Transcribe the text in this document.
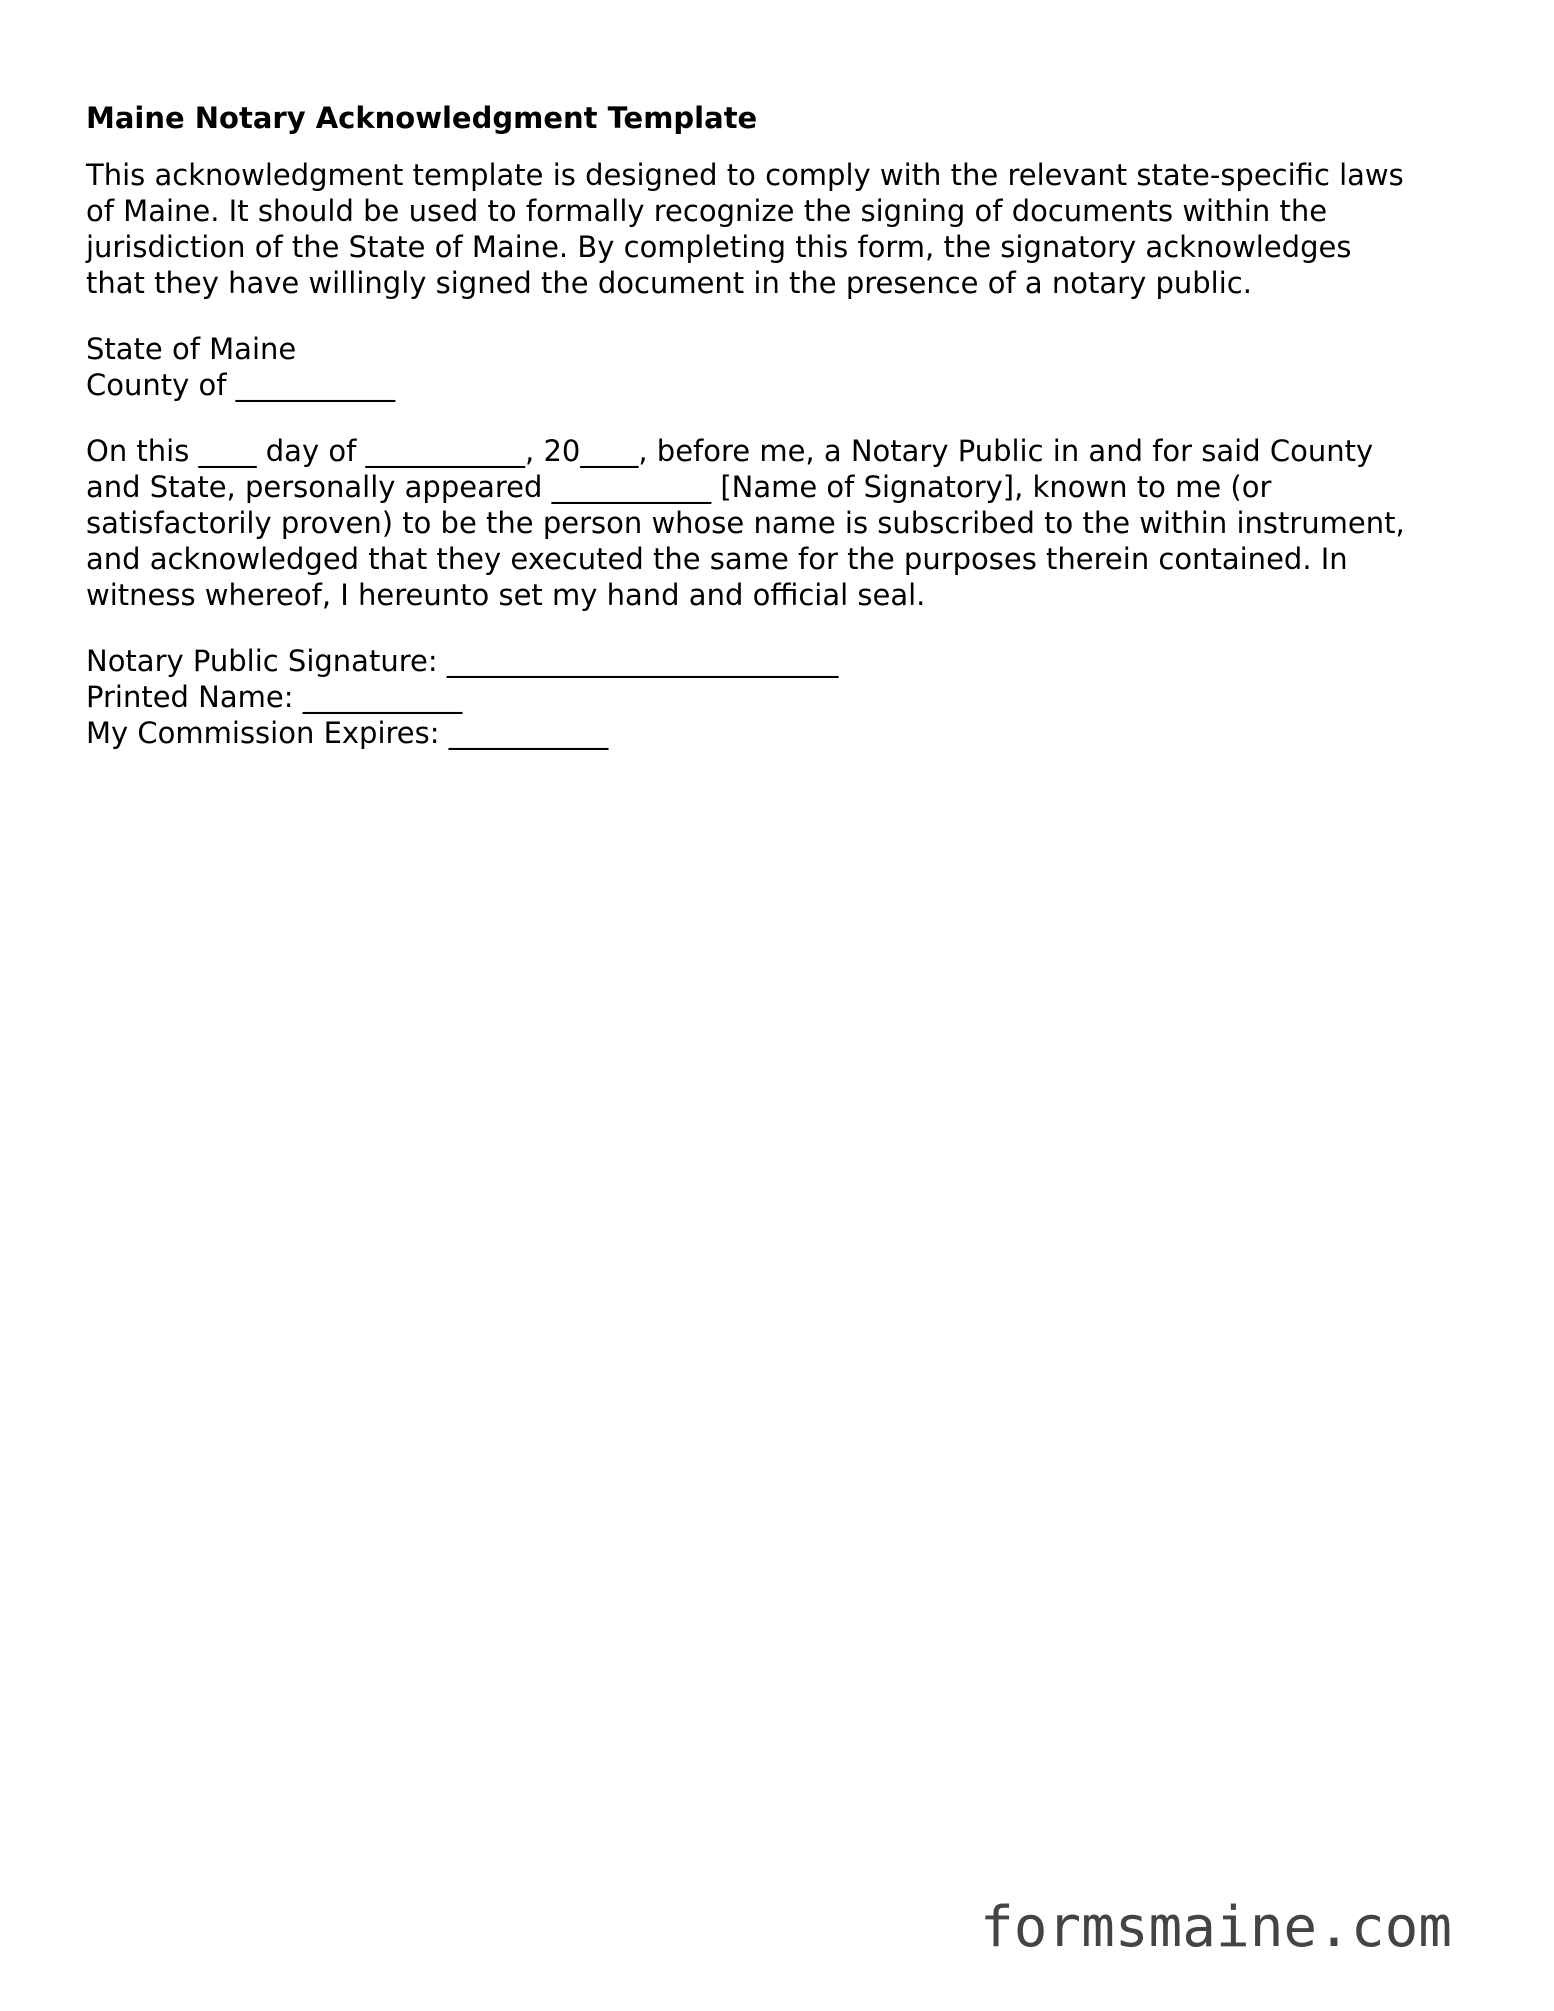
Maine Notary Acknowledgment Template
This acknowledgment template is designed to comply with the relevant state-specific laws
of Maine. It should be used to formally recognize the signing of documents within the
jurisdiction of the State of Maine. By completing this form, the signatory acknowledges
that they have willingly signed the document in the presence of a notary public.
State of Maine
County of ___________
On this ____ day of ___________, 20____, before me, a Notary Public in and for said County
and State, personally appeared ___________ [Name of Signatory], known to me (or
satisfactorily proven) to be the person whose name is subscribed to the within instrument,
and acknowledged that they executed the same for the purposes therein contained. In
witness whereof, I hereunto set my hand and official seal.
Notary Public Signature: ___________________________
Printed Name: ___________
My Commission Expires: ___________
formsmaine.com
